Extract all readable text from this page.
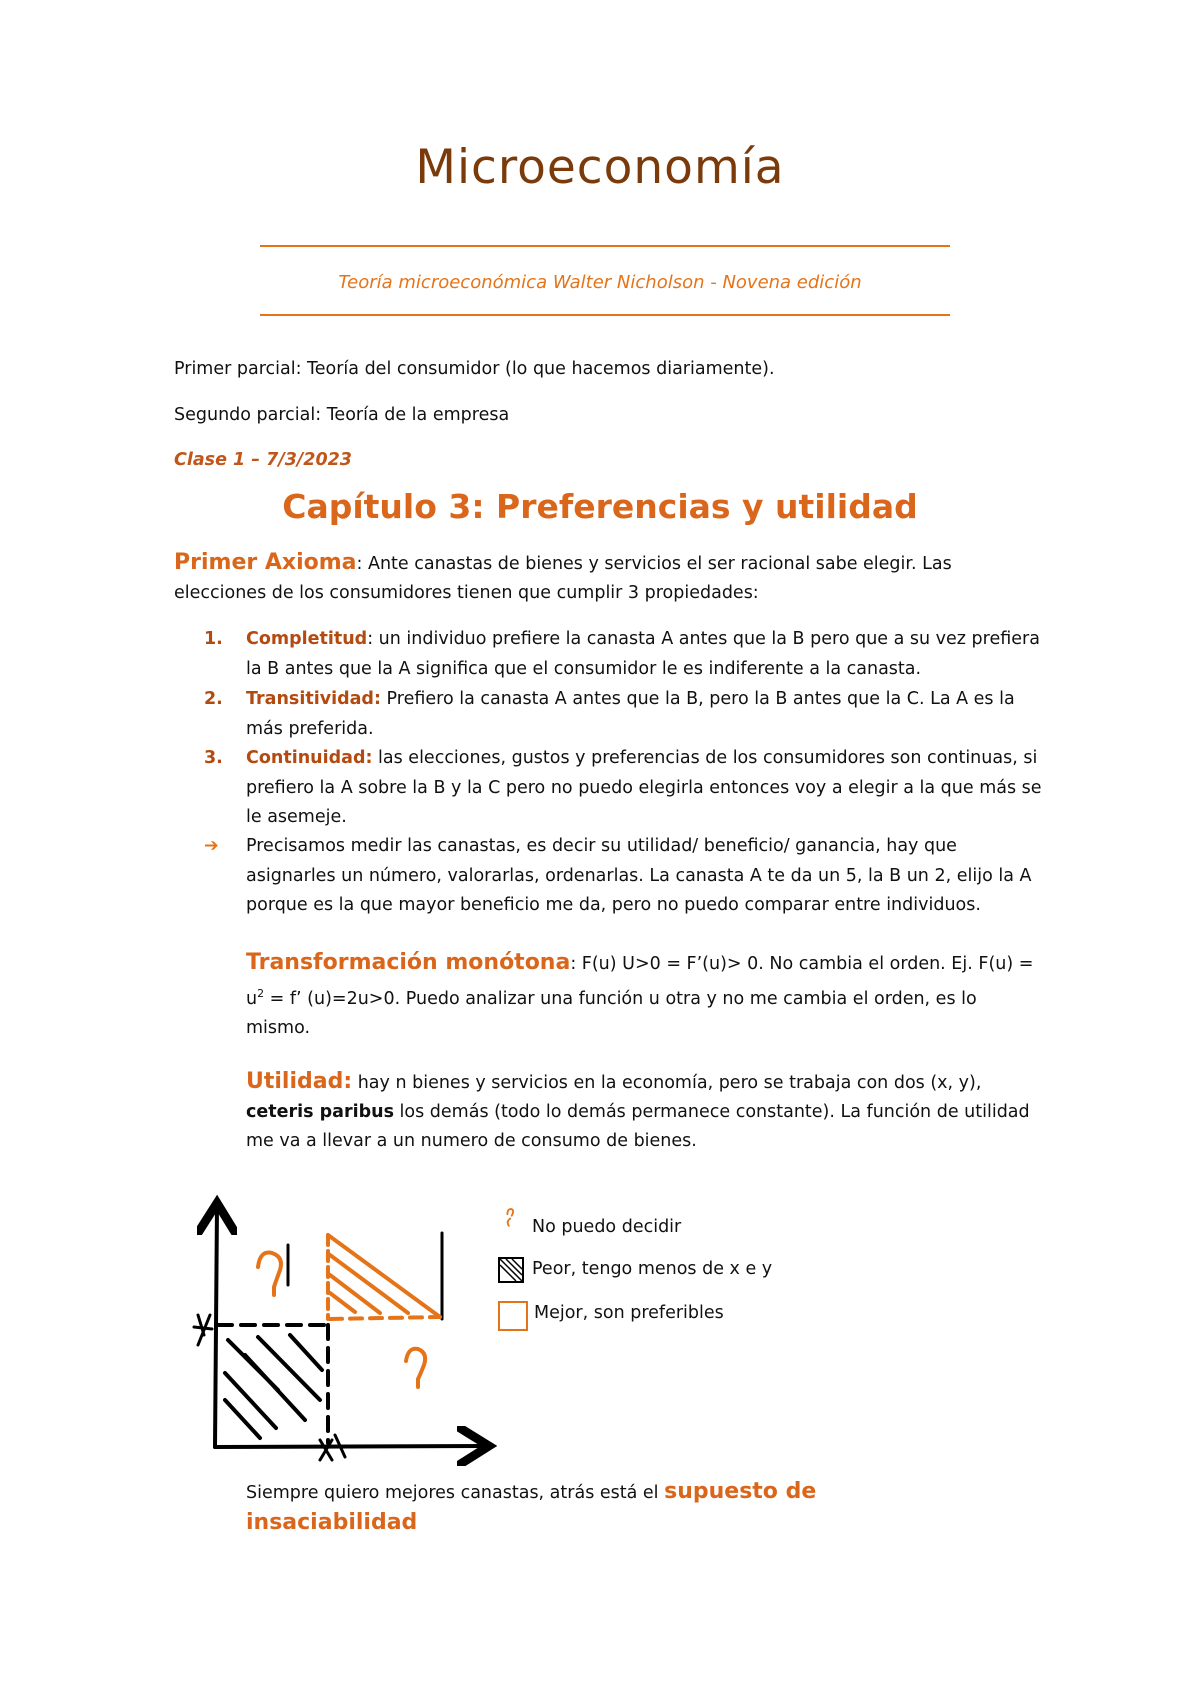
Microeconomía
Teoría microeconómica Walter Nicholson - Novena edición
Primer parcial: Teoría del consumidor (lo que hacemos diariamente).
Segundo parcial: Teoría de la empresa
Clase 1 – 7/3/2023
Capítulo 3: Preferencias y utilidad
Primer Axioma: Ante canastas de bienes y servicios el ser racional sabe elegir. Las elecciones de los consumidores tienen que cumplir 3 propiedades:
1. Completitud: un individuo prefiere la canasta A antes que la B pero que a su vez prefiera la B antes que la A significa que el consumidor le es indiferente a la canasta.
2. Transitividad: Prefiero la canasta A antes que la B, pero la B antes que la C. La A es la más preferida.
3. Continuidad: las elecciones, gustos y preferencias de los consumidores son continuas, si prefiero la A sobre la B y la C pero no puedo elegirla entonces voy a elegir a la que más se le asemeje.
➔	Precisamos medir las canastas, es decir su utilidad/ beneficio/ ganancia, hay que asignarles un número, valorarlas, ordenarlas. La canasta A te da un 5, la B un 2, elijo la A porque es la que mayor beneficio me da, pero no puedo comparar entre individuos.
Transformación monótona: F(u) U>0 = F’(u)> 0. No cambia el orden. Ej. $F(u) = u^2 = f$’ (u)=2u>0. Puedo analizar una función u otra y no me cambia el orden, es lo mismo.
Utilidad: hay n bienes y servicios en la economía, pero se trabaja con dos (x, y), ceteris paribus los demás (todo lo demás permanece constante). La función de utilidad me va a llevar a un numero de consumo de bienes.
No puedo decidir
Peor, tengo menos de x e y
Mejor, son preferibles
Siempre quiero mejores canastas, atrás está el supuesto de insaciabilidad
